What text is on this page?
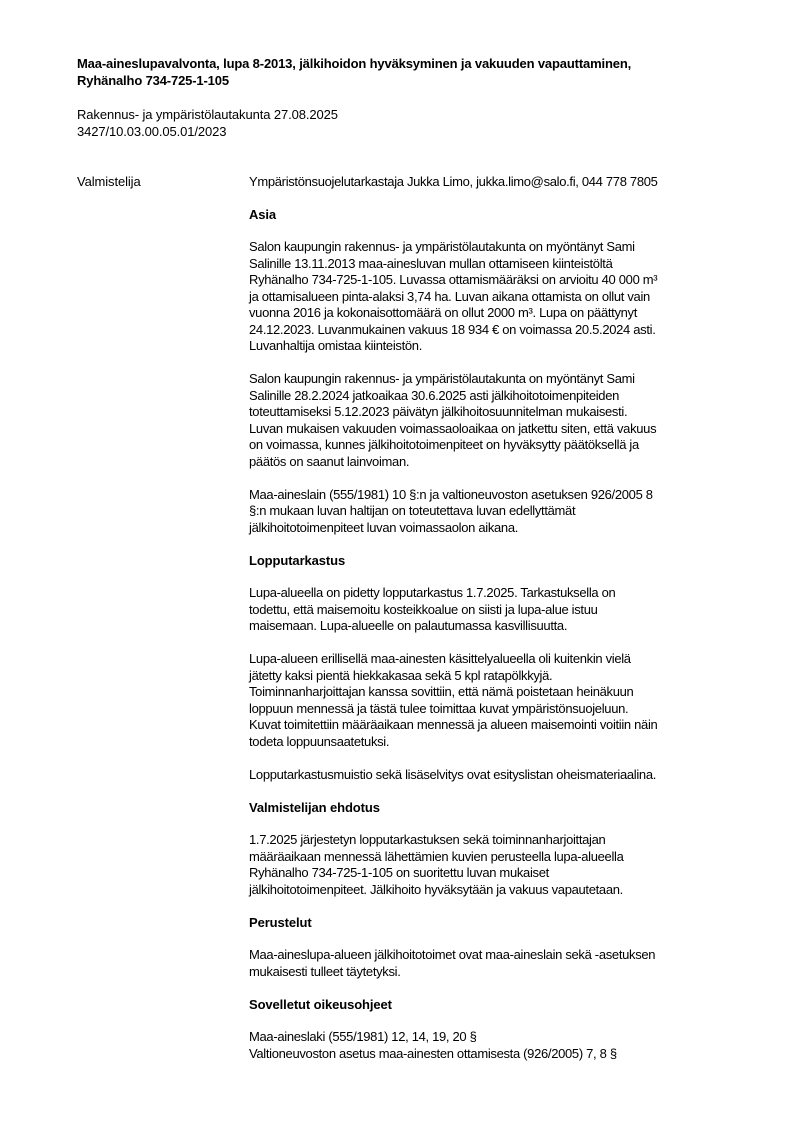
Maa-aineslupavalvonta, lupa 8-2013, jälkihoidon hyväksyminen ja vakuuden vapauttaminen,
Ryhänalho 734-725-1-105
Rakennus- ja ympäristölautakunta 27.08.2025
3427/10.03.00.05.01/2023
Valmistelija	Ympäristönsuojelutarkastaja Jukka Limo, jukka.limo@salo.fi, 044 778 7805
Asia

Salon kaupungin rakennus- ja ympäristölautakunta on myöntänyt Sami
Salinille 13.11.2013 maa-ainesluvan mullan ottamiseen kiinteistöltä
Ryhänalho 734-725-1-105. Luvassa ottamismääräksi on arvioitu 40 000 m³
ja ottamisalueen pinta-alaksi 3,74 ha. Luvan aikana ottamista on ollut vain
vuonna 2016 ja kokonaisottomäärä on ollut 2000 m³. Lupa on päättynyt
24.12.2023. Luvanmukainen vakuus 18 934 € on voimassa 20.5.2024 asti.
Luvanhaltija omistaa kiinteistön.

Salon kaupungin rakennus- ja ympäristölautakunta on myöntänyt Sami
Salinille 28.2.2024 jatkoaikaa 30.6.2025 asti jälkihoitotoimenpiteiden
toteuttamiseksi 5.12.2023 päivätyn jälkihoitosuunnitelman mukaisesti.
Luvan mukaisen vakuuden voimassaoloaikaa on jatkettu siten, että vakuus
on voimassa, kunnes jälkihoitotoimenpiteet on hyväksytty päätöksellä ja
päätös on saanut lainvoiman.

Maa-aineslain (555/1981) 10 §:n ja valtioneuvoston asetuksen 926/2005 8
§:n mukaan luvan haltijan on toteutettava luvan edellyttämät
jälkihoitotoimenpiteet luvan voimassaolon aikana.

Lopputarkastus

Lupa-alueella on pidetty lopputarkastus 1.7.2025. Tarkastuksella on
todettu, että maisemoitu kosteikkoalue on siisti ja lupa-alue istuu
maisemaan. Lupa-alueelle on palautumassa kasvillisuutta.

Lupa-alueen erillisellä maa-ainesten käsittelyalueella oli kuitenkin vielä
jätetty kaksi pientä hiekkakasaa sekä 5 kpl ratapölkkyjä.
Toiminnanharjoittajan kanssa sovittiin, että nämä poistetaan heinäkuun
loppuun mennessä ja tästä tulee toimittaa kuvat ympäristönsuojeluun.
Kuvat toimitettiin määräaikaan mennessä ja alueen maisemointi voitiin näin
todeta loppuunsaatetuksi.

Lopputarkastusmuistio sekä lisäselvitys ovat esityslistan oheismateriaalina.

Valmistelijan ehdotus

1.7.2025 järjestetyn lopputarkastuksen sekä toiminnanharjoittajan
määräaikaan mennessä lähettämien kuvien perusteella lupa-alueella
Ryhänalho 734-725-1-105 on suoritettu luvan mukaiset
jälkihoitotoimenpiteet. Jälkihoito hyväksytään ja vakuus vapautetaan.

Perustelut

Maa-aineslupa-alueen jälkihoitotoimet ovat maa-aineslain sekä -asetuksen
mukaisesti tulleet täytetyksi.

Sovelletut oikeusohjeet

Maa-aineslaki (555/1981) 12, 14, 19, 20 §
Valtioneuvoston asetus maa-ainesten ottamisesta (926/2005) 7, 8 §
